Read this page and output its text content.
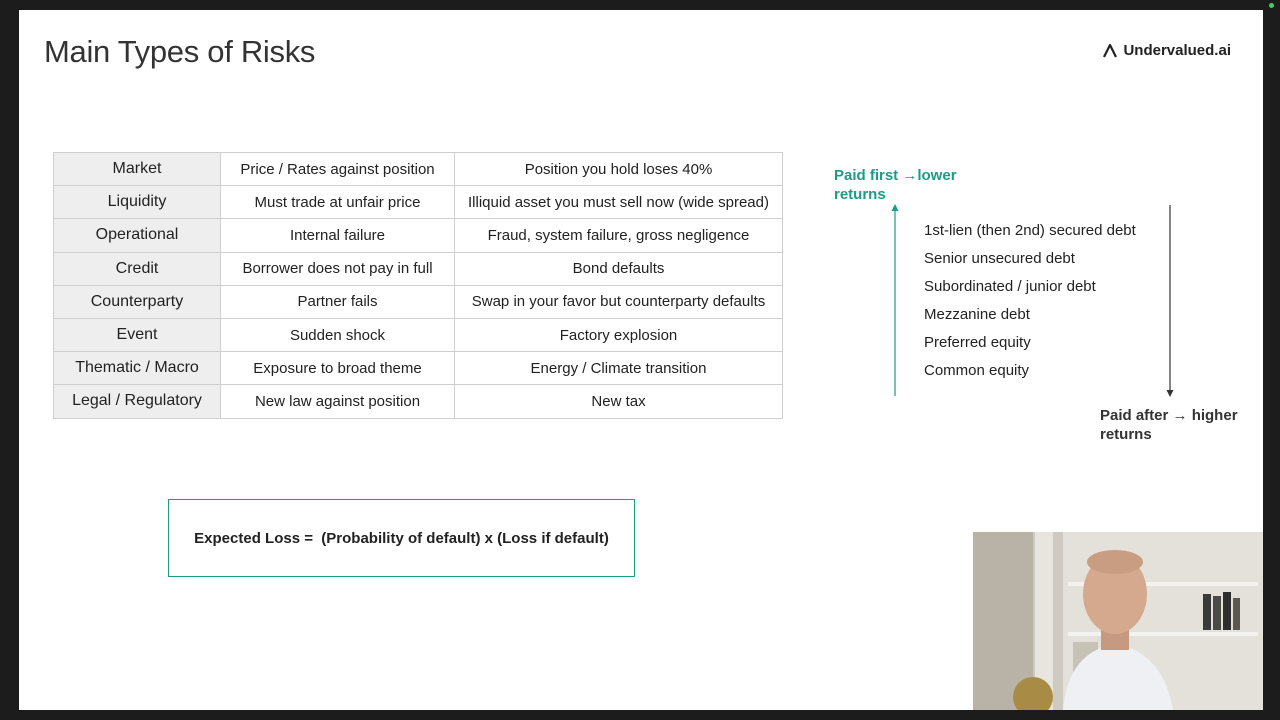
Main Types of Risks	Undervalued.ai
Market	Price / Rates against position	Position you hold loses 40%
Liquidity	Must trade at unfair price	Illiquid asset you must sell now (wide spread)
Operational	Internal failure	Fraud, system failure, gross negligence
Credit	Borrower does not pay in full	Bond defaults
Counterparty	Partner fails	Swap in your favor but counterparty defaults
Event	Sudden shock	Factory explosion
Thematic / Macro	Exposure to broad theme	Energy / Climate transition
Legal / Regulatory	New law against position	New tax
Paid first →lower
returns
1st-lien (then 2nd) secured debt
Senior unsecured debt
Subordinated / junior debt
Mezzanine debt
Preferred equity
Common equity
Paid after → higher
returns
Expected Loss =  (Probability of default) x (Loss if default)
